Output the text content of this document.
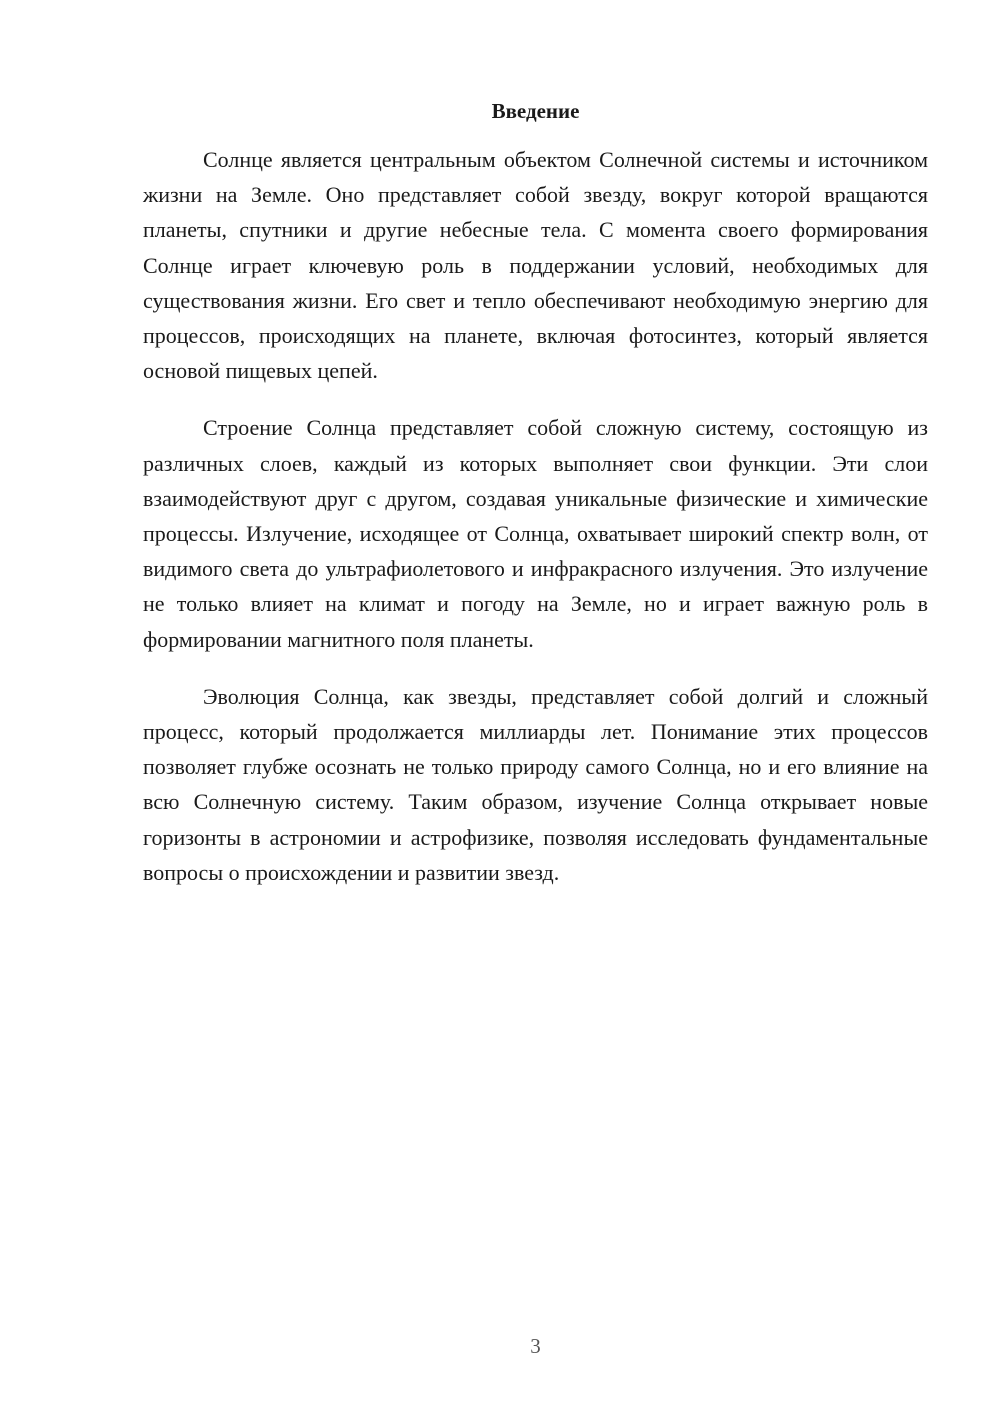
Введение

Солнце является центральным объектом Солнечной системы и источником жизни на Земле. Оно представляет собой звезду, вокруг которой вращаются планеты, спутники и другие небесные тела. С момента своего формирования Солнце играет ключевую роль в поддержании условий, необходимых для существования жизни. Его свет и тепло обеспечивают необходимую энергию для процессов, происходящих на планете, включая фотосинтез, который является основой пищевых цепей.

Строение Солнца представляет собой сложную систему, состоящую из различных слоев, каждый из которых выполняет свои функции. Эти слои взаимодействуют друг с другом, создавая уникальные физические и химические процессы. Излучение, исходящее от Солнца, охватывает широкий спектр волн, от видимого света до ультрафиолетового и инфракрасного излучения. Это излучение не только влияет на климат и погоду на Земле, но и играет важную роль в формировании магнитного поля планеты.

Эволюция Солнца, как звезды, представляет собой долгий и сложный процесс, который продолжается миллиарды лет. Понимание этих процессов позволяет глубже осознать не только природу самого Солнца, но и его влияние на всю Солнечную систему. Таким образом, изучение Солнца открывает новые горизонты в астрономии и астрофизике, позволяя исследовать фундаментальные вопросы о происхождении и развитии звезд.

3
